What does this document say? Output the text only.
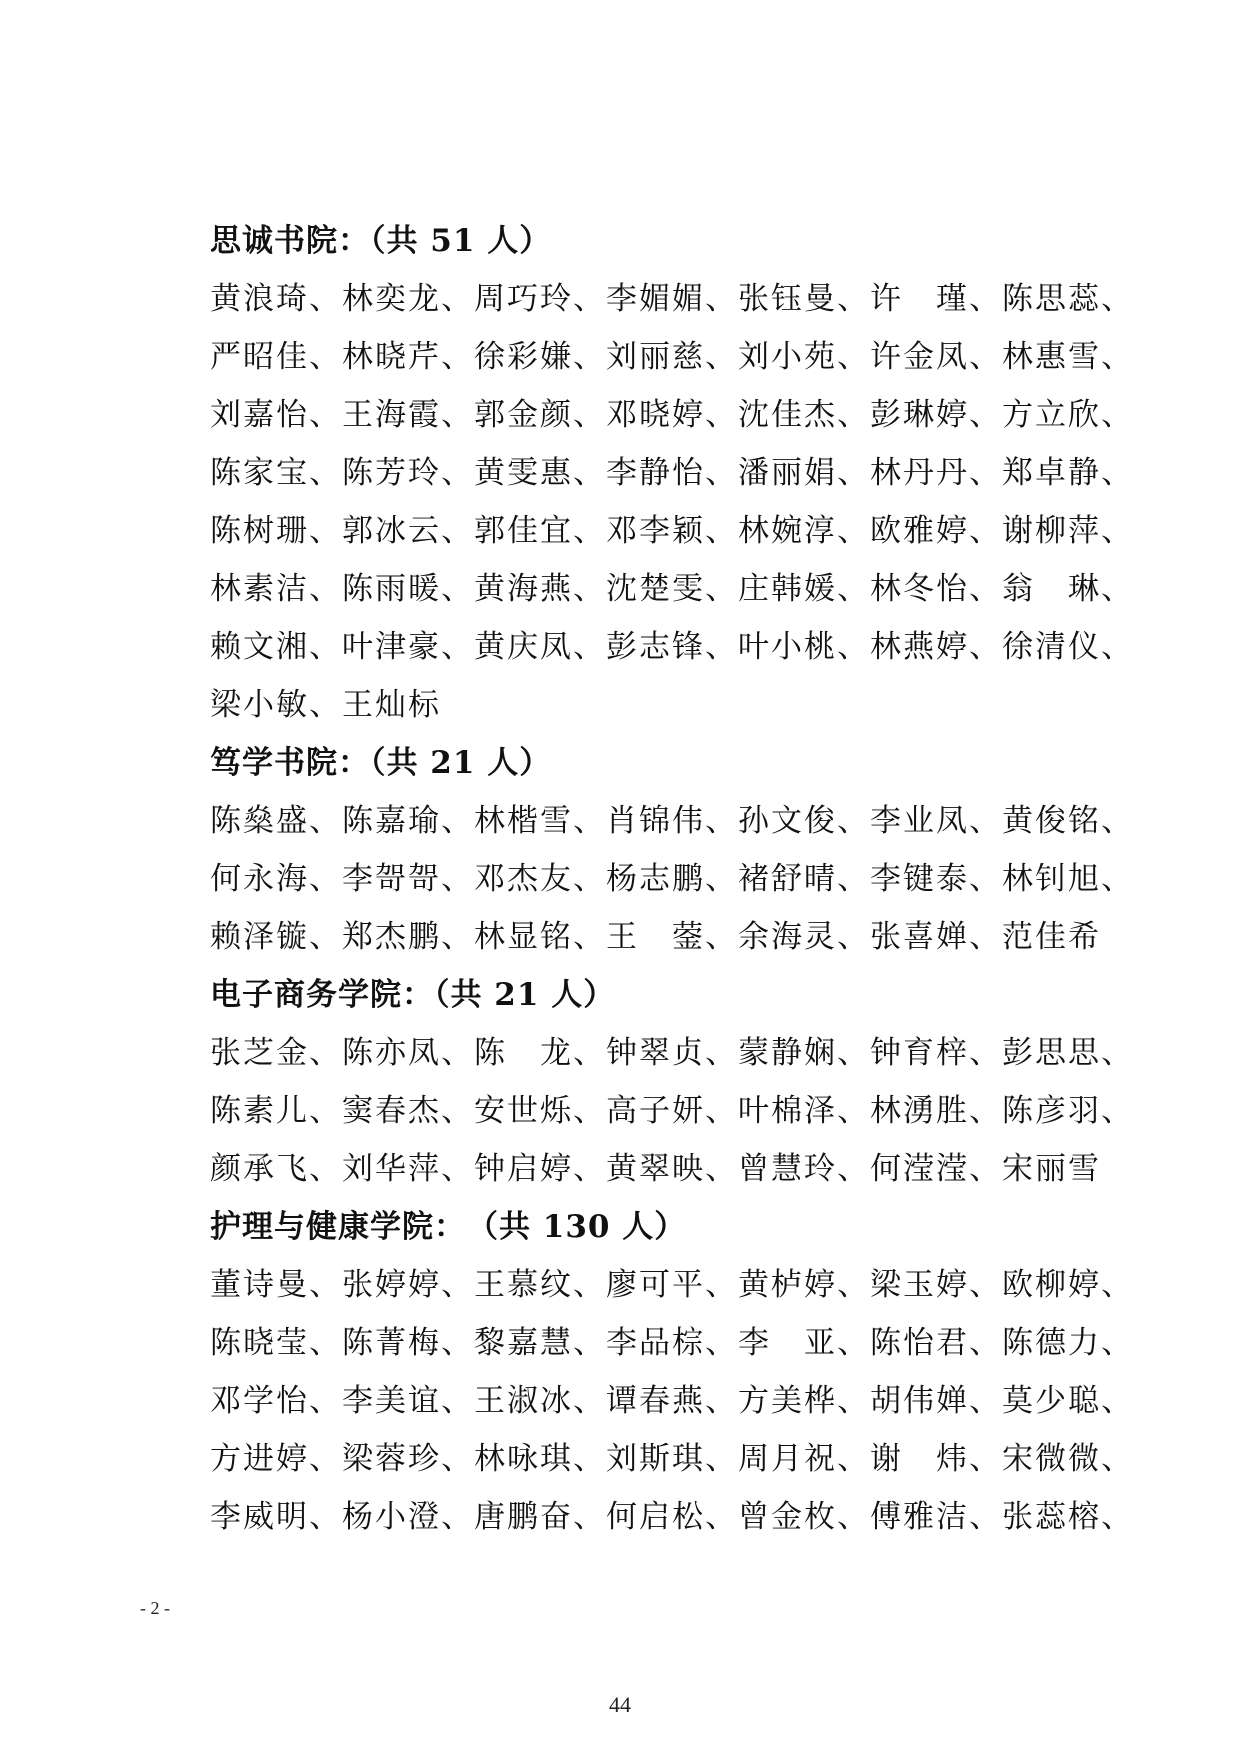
思诚书院：（共 51 人）
黄浪琦、林奕龙、周巧玲、李媚媚、张钰曼、许　瑾、陈思蕊、
严昭佳、林晓芹、徐彩嫌、刘丽慈、刘小苑、许金凤、林惠雪、
刘嘉怡、王海霞、郭金颜、邓晓婷、沈佳杰、彭琳婷、方立欣、
陈家宝、陈芳玲、黄雯惠、李静怡、潘丽娟、林丹丹、郑卓静、
陈树珊、郭冰云、郭佳宜、邓李颖、林婉淳、欧雅婷、谢柳萍、
林素洁、陈雨暖、黄海燕、沈楚雯、庄韩媛、林冬怡、翁　琳、
赖文湘、叶津豪、黄庆凤、彭志锋、叶小桃、林燕婷、徐清仪、
梁小敏、王灿标
笃学书院：（共 21 人）
陈燊盛、陈嘉瑜、林楷雪、肖锦伟、孙文俊、李业凤、黄俊铭、
何永海、李哿哿、邓杰友、杨志鹏、褚舒晴、李键泰、林钊旭、
赖泽镟、郑杰鹏、林显铭、王　蓥、余海灵、张喜婵、范佳希
电子商务学院：（共 21 人）
张芝金、陈亦凤、陈　龙、钟翠贞、蒙静娴、钟育梓、彭思思、
陈素儿、窦春杰、安世烁、高子妍、叶棉泽、林湧胜、陈彦羽、
颜承飞、刘华萍、钟启婷、黄翠映、曾慧玲、何滢滢、宋丽雪
护理与健康学院：　（共 130 人）
董诗曼、张婷婷、王慕纹、廖可平、黄栌婷、梁玉婷、欧柳婷、
陈晓莹、陈菁梅、黎嘉慧、李品棕、李　亚、陈怡君、陈德力、
邓学怡、李美谊、王淑冰、谭春燕、方美桦、胡伟婵、莫少聪、
方进婷、梁蓉珍、林咏琪、刘斯琪、周月祝、谢　炜、宋微微、
李威明、杨小澄、唐鹏奋、何启松、曾金枚、傅雅洁、张蕊榕、
- 2 -
44
